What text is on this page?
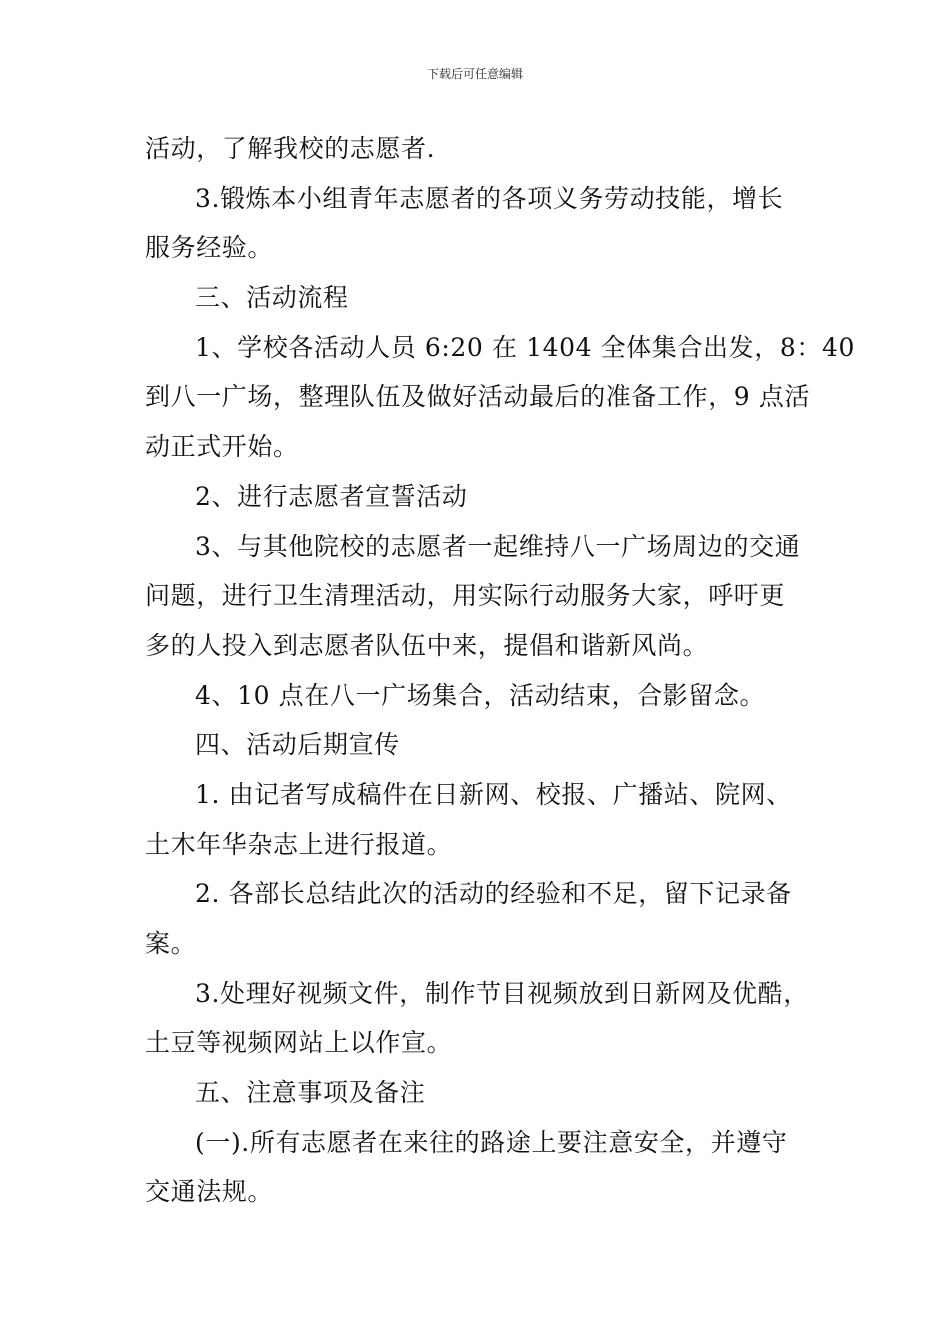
下载后可任意编辑

活动，了解我校的志愿者.

3.锻炼本小组青年志愿者的各项义务劳动技能，增长
服务经验。

三、活动流程

1、学校各活动人员 6:20 在 1404 全体集合出发，8：40
到八一广场，整理队伍及做好活动最后的准备工作，9 点活
动正式开始。

2、进行志愿者宣誓活动

3、与其他院校的志愿者一起维持八一广场周边的交通
问题，进行卫生清理活动，用实际行动服务大家，呼吁更
多的人投入到志愿者队伍中来，提倡和谐新风尚。

4、10 点在八一广场集合，活动结束，合影留念。

四、活动后期宣传

1. 由记者写成稿件在日新网、校报、广播站、院网、
土木年华杂志上进行报道。

2. 各部长总结此次的活动的经验和不足，留下记录备
案。

3.处理好视频文件，制作节目视频放到日新网及优酷，
土豆等视频网站上以作宣。

五、注意事项及备注

(一).所有志愿者在来往的路途上要注意安全，并遵守
交通法规。
